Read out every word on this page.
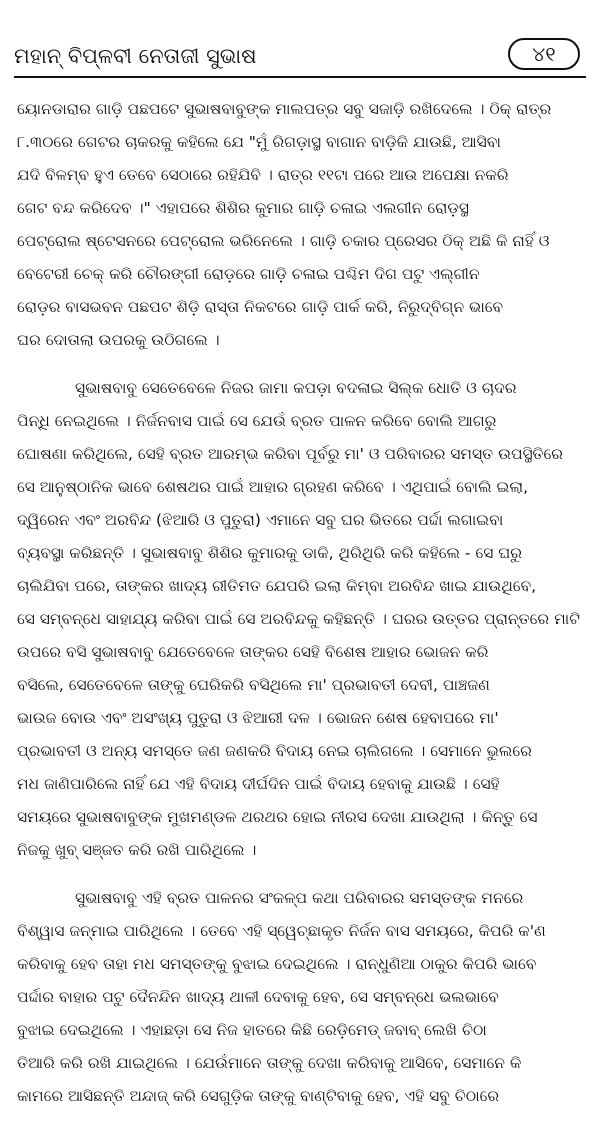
ମହାନ୍ ବିପ୍ଳବୀ ନେତାଜୀ ସୁଭାଷ	୪୧
ୟୋନଡାରାର ଗାଡ଼ି ପଛପଟେ ସୁଭାଷବାବୁଙ୍କ ମାଲପତ୍ର ସବୁ ସଜାଡ଼ି ରଖିଦେଲେ । ଠିକ୍ ରାତ୍ର
୮.୩୦ରେ ଗେଟର ଚାକରକୁ କହିଲେ ଯେ "ମୁଁ ରିଗଡ଼ାସ୍ଥ ବାଗାନ ବାଡ଼ିକି ଯାଉଛି, ଆସିବା
ଯଦି ବିଳମ୍ବ ହୁଏ ତେବେ ସେଠାରେ ରହିଯିବି । ରାତ୍ର ୧୧ଟା ପରେ ଆଉ ଅପେକ୍ଷା ନକରି
ଗେଟ ବନ୍ଦ କରିଦେବ ।" ଏହାପରେ ଶିଶିର କୁମାର ଗାଡ଼ି ଚଳାଇ ଏଲଗୀନ ରୋଡ଼ସ୍ଥ
ପେଟ୍ରୋଲ ଷ୍ଟେସନରେ ପେଟ୍ରୋଲ ଭରିନେଲେ । ଗାଡ଼ି ଚକାର ପ୍ରେସର ଠିକ୍ ଅଛି କି ନାହିଁ ଓ
ବେଟେରୀ ଚେକ୍ କରି ଚୌରଙ୍ଗୀ ରୋଡ଼ରେ ଗାଡ଼ି ଚଳାଇ ପଶ୍ଚିମ ଦିଗ ପଟୁ ଏଲ୍‌ଗୀନ
ରୋଡ଼ର ବାସଭବନ ପଛପଟ ଶିଡ଼ି ରାସ୍ତା ନିକଟରେ ଗାଡ଼ି ପାର୍କ କରି, ନିରୁଦ୍‌ବିଗ୍ନ ଭାବେ
ଘର ଦୋତାଲା ଉପରକୁ ଉଠିଗଲେ ।
ସୁଭାଷବାବୁ ସେତେବେଳେ ନିଜର ଜାମା କପଡ଼ା ବଦଳାଇ ସିଲ୍କ ଧୋତି ଓ ଚାଦର
ପିନ୍ଧି ନେଇଥିଲେ । ନିର୍ଜନବାସ ପାଇଁ ସେ ଯେଉଁ ବ୍ରତ ପାଳନ କରିବେ ବୋଲି ଆଗରୁ
ଘୋଷଣା କରିଥିଲେ, ସେହି ବ୍ରତ ଆରମ୍ଭ କରିବା ପୂର୍ବରୁ ମା' ଓ ପରିବାରର ସମସ୍ତ ଉପସ୍ଥିତିରେ
ସେ ଆନୁଷ୍ଠାନିକ ଭାବେ ଶେଷଥର ପାଇଁ ଆହାର ଗ୍ରହଣ କରିବେ । ଏଥିପାଇଁ ବୋଲି ଇଲା,
ଦ୍ୱିରେନ ଏବଂ ଅରବିନ୍ଦ (ଝିଆରି ଓ ପୁତୁରା) ଏମାନେ ସବୁ ଘର ଭିତରେ ପର୍ଦ୍ଦା ଲଗାଇବା
ବ୍ୟବସ୍ଥା କରିଛନ୍ତି । ସୁଭାଷବାବୁ ଶିଶିର କୁମାରକୁ ଡାକି, ଥିରିଥିରି କରି କହିଲେ - ସେ ଘରୁ
ଚାଲିଯିବା ପରେ, ତାଙ୍କର ଖାଦ୍ୟ ରୀତିମତ ଯେପରି ଇଲା କିମ୍ବା ଅରବିନ୍ଦ ଖାଇ ଯାଉଥିବେ,
ସେ ସମ୍ବନ୍ଧେ ସାହାଯ୍ୟ କରିବା ପାଇଁ ସେ ଅରବିନ୍ଦକୁ କହିଛନ୍ତି । ଘରର ଉତ୍ତର ପ୍ରାନ୍ତରେ ମାଟି
ଉପରେ ବସି ସୁଭାଷବାବୁ ଯେତେବେଳେ ତାଙ୍କର ସେହି ବିଶେଷ ଆହାର ଭୋଜନ କରି
ବସିଲେ, ସେତେବେଳେ ତାଙ୍କୁ ଘେରିକରି ବସିଥିଲେ ମା' ପ୍ରଭାବତୀ ଦେବୀ, ପାଞ୍ଚଜଣ
ଭାଉଜ ବୋଉ ଏବଂ ଅସଂଖ୍ୟ ପୁତୁରା ଓ ଝିଆରୀ ଦଳ । ଭୋଜନ ଶେଷ ହେବାପରେ ମା'
ପ୍ରଭାବତୀ ଓ ଅନ୍ୟ ସମସ୍ତେ ଜଣ ଜଣକରି ବିଦାୟ ନେଇ ଚାଲିଗଲେ । ସେମାନେ ଭୁଲରେ
ମଧ ଜାଣିପାରିଲେ ନାହିଁ ଯେ ଏହି ବିଦାୟ ଦୀର୍ଘଦିନ ପାଇଁ ବିଦାୟ ହେବାକୁ ଯାଉଛି । ସେହି
ସମୟରେ ସୁଭାଷବାବୁଙ୍କ ମୁଖମଣ୍ଡଳ ଥରଥର ହୋଇ ନୀରସ ଦେଖା ଯାଉଥିଲା । କିନ୍ତୁ ସେ
ନିଜକୁ ଖୁବ୍ ସଞ୍ଜତ କରି ରଖି ପାରିଥିଲେ ।
ସୁଭାଷବାବୁ ଏହି ବ୍ରତ ପାଳନର ସଂକଳ୍ପ କଥା ପରିବାରର ସମସ୍ତଙ୍କ ମନରେ
ବିଶ୍ୱାସ ଜନ୍ମାଇ ପାରିଥିଲେ । ତେବେ ଏହି ସ୍ୱେଚ୍ଛାକୃତ ନିର୍ଜନ ବାସ ସମୟରେ, କିପରି କ'ଣ
କରିବାକୁ ହେବ ତାହା ମଧ ସମସ୍ତଙ୍କୁ ବୁଝାଇ ଦେଇଥିଲେ । ରାନ୍ଧୁଣିଆ ଠାକୁର କିପରି ଭାବେ
ପର୍ଦ୍ଦାର ବାହାର ପଟୁ ଦୈନନ୍ଦିନ ଖାଦ୍ୟ ଥାଳୀ ଦେବାକୁ ହେବ, ସେ ସମ୍ବନ୍ଧେ ଭଲଭାବେ
ବୁଝାଇ ଦେଇଥିଲେ । ଏହାଛଡ଼ା ସେ ନିଜ ହାତରେ କିଛି ରେଡ଼ିମେଡ୍ ଜବାବ୍ ଲେଖି ଚିଠା
ତିଆରି କରି ରଖି ଯାଇଥିଲେ । ଯେଉଁମାନେ ତାଙ୍କୁ ଦେଖା କରିବାକୁ ଆସିବେ, ସେମାନେ କି
କାମରେ ଆସିଛନ୍ତି ଅନ୍ଦାଜ୍ କରି ସେଗୁଡ଼ିକ ତାଙ୍କୁ ବାଣ୍ଟିବାକୁ ହେବ, ଏହି ସବୁ ଚିଠାରେ
